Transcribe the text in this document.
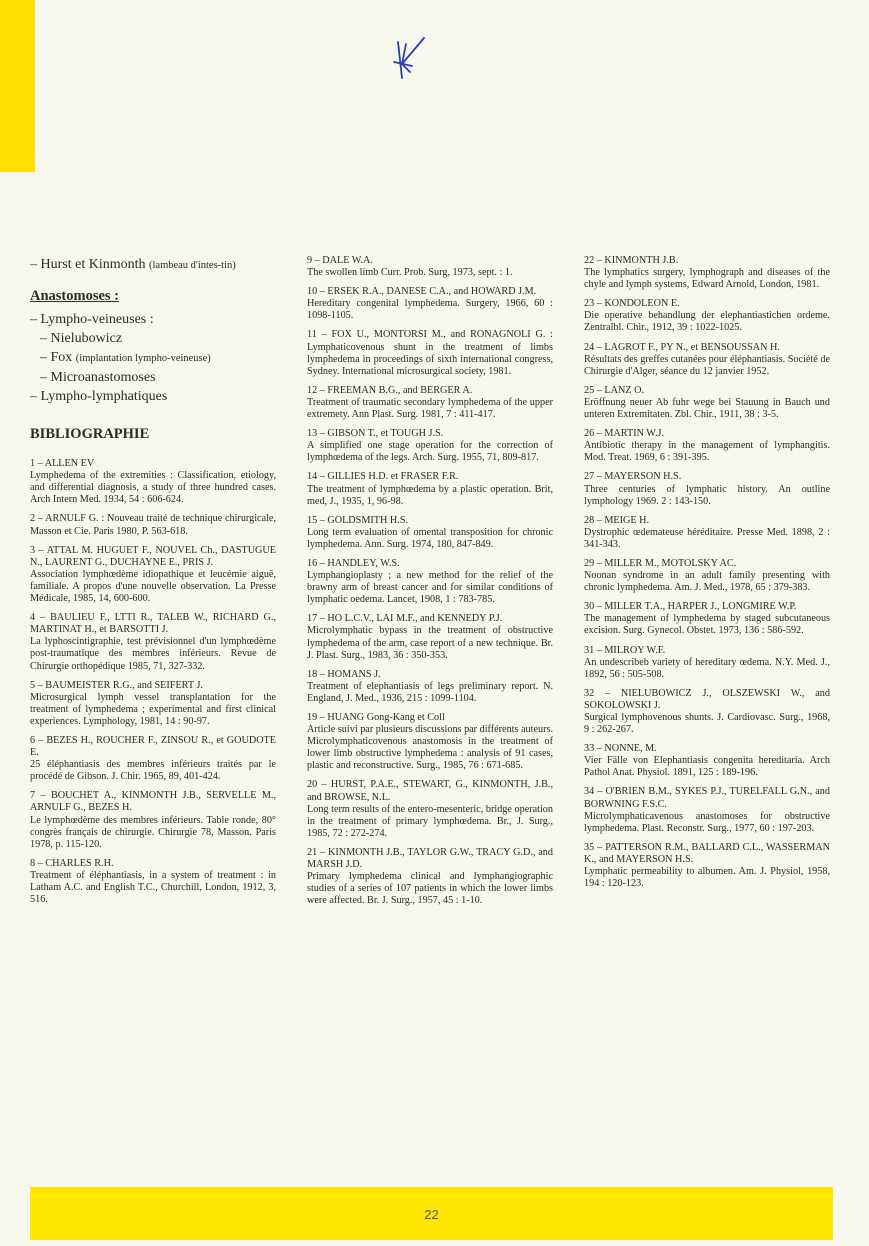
– Hurst et Kinmonth (lambeau d'intes-tin)
Anastomoses :
– Lympho-veineuses :
– Nielubowicz
– Fox (implantation lympho-veineuse)
– Microanastomoses
– Lympho-lymphatiques
BIBLIOGRAPHIE
1 – ALLEN EV
Lymphedema of the extremities : Classification, etiology, and differential diagnosis, a study of three hundred cases. Arch Intern Med. 1934, 54 : 606-624.
2 – ARNULF G. : Nouveau traité de technique chirurgicale, Masson et Cie. Paris 1980, P. 563-618.
3 – ATTAL M. HUGUET F., NOUVEL Ch., DASTUGUE N., LAURENT G., DUCHAYNE E., PRIS J.
Association lymphœdème idiopathique et leucémie aiguë, familiale. A propos d'une nouvelle observation. La Presse Médicale, 1985, 14, 600-600.
4 – BAULIEU F., LTTI R., TALEB W., RICHARD G., MARTINAT H., et BARSOTTI J.
La lyphoscintigraphie, test prévisionnel d'un lymphœdème post-traumatique des membres inférieurs. Revue de Chirurgie orthopédique 1985, 71, 327-332.
5 – BAUMEISTER R.G., and SEIFERT J.
Microsurgical lymph vessel transplantation for the treatment of lymphedema ; experimental and first clinical experiences. Lymphology, 1981, 14 : 90-97.
6 – BEZES H., ROUCHER F., ZINSOU R., et GOUDOTE E.
25 éléphantiasis des membres inférieurs traités par le procédé de Gibson. J. Chir. 1965, 89, 401-424.
7 – BOUCHET A., KINMONTH J.B., SERVELLE M., ARNULF G., BEZES H.
Le lymphœdème des membres inférieurs. Table ronde, 80° congrès français de chirurgie. Chirurgie 78, Masson. Paris 1978, p. 115-120.
8 – CHARLES R.H.
Treatment of éléphantiasis, in a system of treatment : in Latham A.C. and English T.C., Churchill, London, 1912, 3, 516.
9 – DALE W.A.
The swollen limb Curr. Prob. Surg, 1973, sept. : 1.
10 – ERSEK R.A., DANESE C.A., and HOWARD J.M.
Hereditary congenital lymphedema. Surgery, 1966, 60 : 1098-1105.
11 – FOX U., MONTORSI M., and RONAGNOLI G. : Lymphaticovenous shunt in the treatment of limbs lymphedema in proceedings of sixth international congress, Sydney. International microsurgical society, 1981.
12 – FREEMAN B.G., and BERGER A.
Treatment of traumatic secondary lymphedema of the upper extremety. Ann Plast. Surg. 1981, 7 : 411-417.
13 – GIBSON T., et TOUGH J.S.
A simplified one stage operation for the correction of lymphœdema of the legs. Arch. Surg. 1955, 71, 809-817.
14 – GILLIES H.D. et FRASER F.R.
The treatment of lymphœdema by a plastic operation. Brit, med, J., 1935, 1, 96-98.
15 – GOLDSMITH H.S.
Long term evaluation of omental transposition for chronic lymphedema. Ann. Surg. 1974, 180, 847-849.
16 – HANDLEY, W.S.
Lymphangioplasty ; a new method for the relief of the brawny arm of breast cancer and for similar conditions of lymphatic oedema. Lancet, 1908, 1 : 783-785.
17 – HO L.C.V., LAI M.F., and KENNEDY P.J.
Microlymphatic bypass in the treatment of obstructive lymphedema of the arm, case report of a new technique. Br. J. Plast. Surg., 1983, 36 : 350-353.
18 – HOMANS J.
Treatment of elephantiasis of legs preliminary report. N. England, J. Med., 1936, 215 : 1099-1104.
19 – HUANG Gong-Kang et Coll
Article suivi par plusieurs discussions par différents auteurs. Microlymphaticovenous anastomosis in the treatment of lower limb obstructive lymphedema : analysis of 91 cases, plastic and reconstructive. Surg., 1985, 76 : 671-685.
20 – HURST, P.A.E., STEWART, G., KINMONTH, J.B., and BROWSE, N.L.
Long term results of the entero-mesenteric, bridge operation in the treatment of primary lymphœdema. Br., J. Surg., 1985, 72 : 272-274.
21 – KINMONTH J.B., TAYLOR G.W., TRACY G.D., and MARSH J.D.
Primary lymphedema clinical and lymphangiographic studies of a series of 107 patients in which the lower limbs were affected. Br. J. Surg., 1957, 45 : 1-10.
22 – KINMONTH J.B.
The lymphatics surgery, lymphograph and diseases of the chyle and lymph systems, Edward Arnold, London, 1981.
23 – KONDOLEON E.
Die operative behandlung der elephantiastichen ordeme. Zentralbl. Chir., 1912, 39 : 1022-1025.
24 – LAGROT F., PY N., et BENSOUSSAN H.
Résultats des greffes cutanées pour éléphantiasis. Société de Chirurgie d'Alger, séance du 12 janvier 1952.
25 – LANZ O.
Eröffnung neuer Ab fuhr wege bei Stauung in Bauch und unteren Extremitaten. Zbl. Chir., 1911, 38 : 3-5.
26 – MARTIN W.J.
Antibiotic therapy in the management of lymphangitis. Mod. Treat. 1969, 6 : 391-395.
27 – MAYERSON H.S.
Three centuries of lymphatic history. An outline lymphology 1969. 2 : 143-150.
28 – MEIGE H.
Dystrophic œdemateuse héréditaire. Presse Med. 1898, 2 : 341-343.
29 – MILLER M., MOTOLSKY AC.
Noonan syndrome in an adult family presenting with chronic lymphedema. Am. J. Med., 1978, 65 : 379-383.
30 – MILLER T.A., HARPER J., LONGMIRE W.P.
The management of lymphedema by staged subcutaneous excision. Surg. Gynecol. Obstet. 1973, 136 : 586-592.
31 – MILROY W.F.
An undescribeb variety of hereditary œdema. N.Y. Med. J., 1892, 56 : 505-508.
32 – NIELUBOWICZ J., OLSZEWSKI W., and SOKOLOWSKI J.
Surgical lymphovenous shunts. J. Cardiovasc. Surg., 1968, 9 : 262-267.
33 – NONNE, M.
Vier Fälle von Elephantiasis congenita hereditaria. Arch Pathol Anat. Physiol. 1891, 125 : 189-196.
34 – O'BRIEN B.M., SYKES P.J., TURELFALL G.N., and BORWNING F.S.C.
Microlymphaticavenous anastomoses for obstructive lymphedema. Plast. Reconstr. Surg., 1977, 60 : 197-203.
35 – PATTERSON R.M., BALLARD C.L., WASSERMAN K., and MAYERSON H.S.
Lymphatic permeability to albumen. Am. J. Physiol, 1958, 194 : 120-123.
22
